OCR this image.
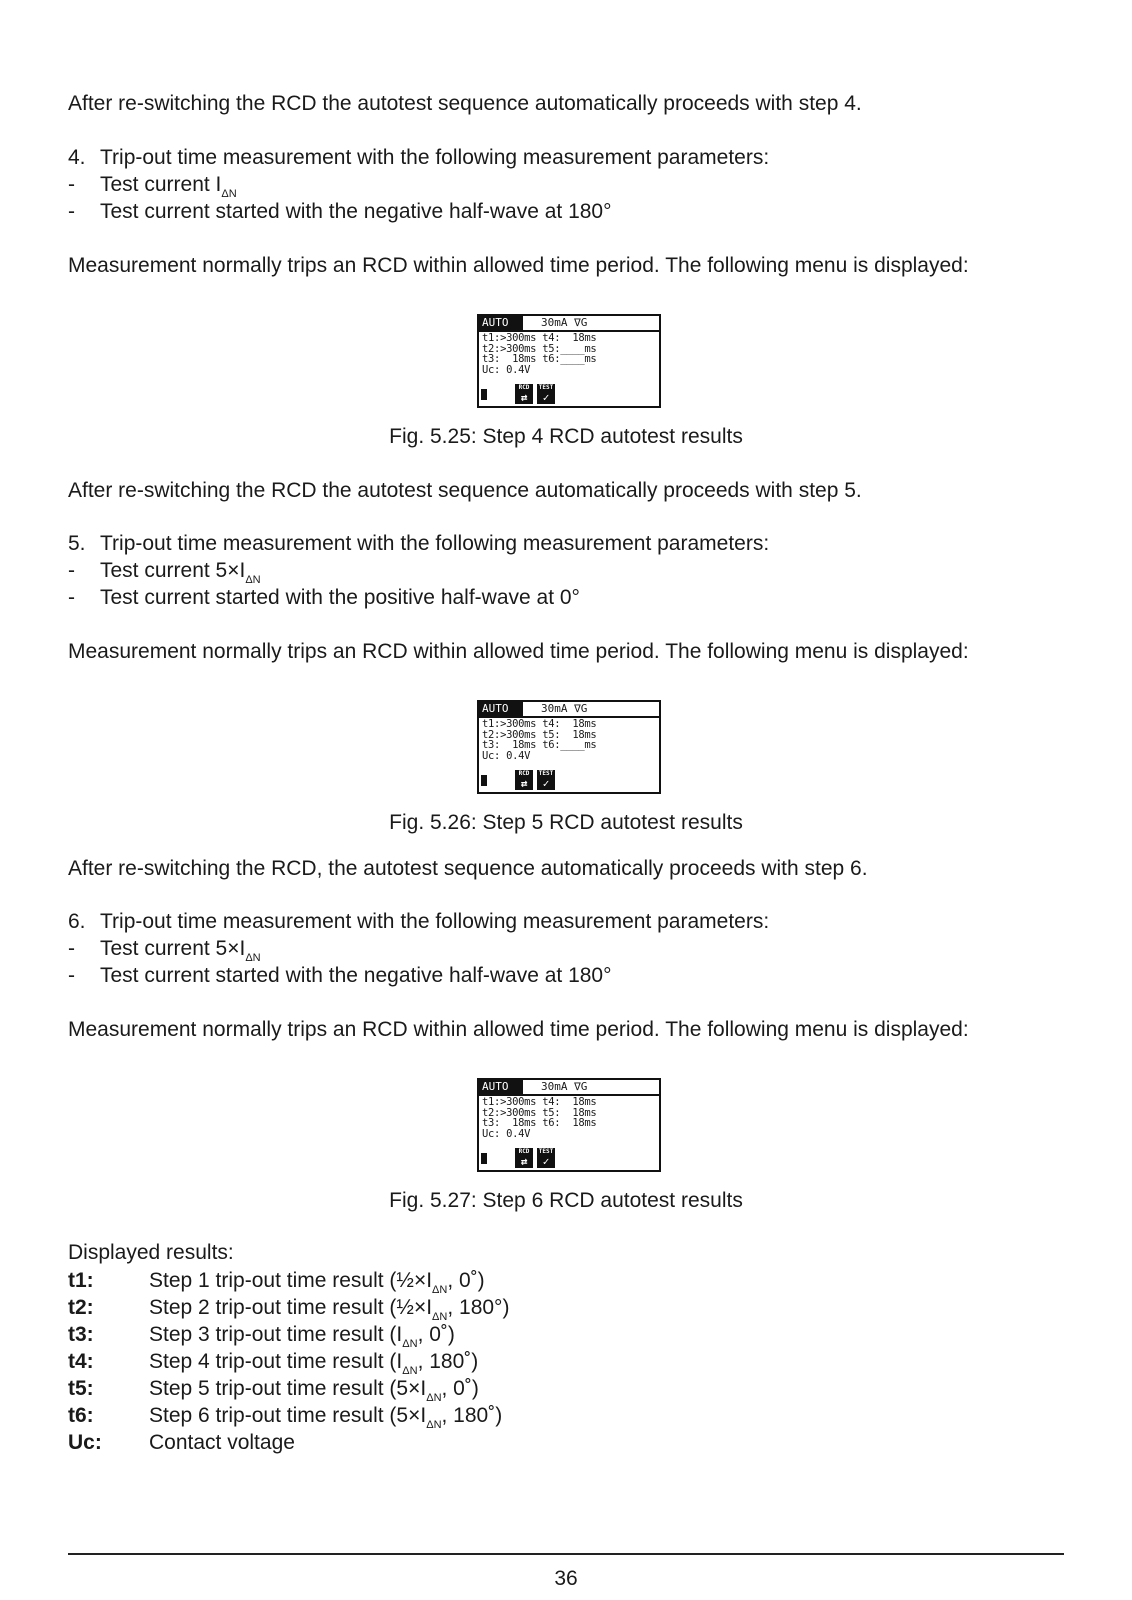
After re-switching the RCD the autotest sequence automatically proceeds with step 4.
4. Trip-out time measurement with the following measurement parameters:
- Test current $I_{\Delta N}$
- Test current started with the negative half-wave at 180°
Measurement normally trips an RCD within allowed time period. The following menu is displayed:
AUTO	30mA ∇G
t1:>300ms t4:  18ms
t2:>300ms t5:____ms
t3:  18ms t6:____ms
Uc: 0.4V
RCD
⇄
TEST
✓
Fig. 5.25: Step 4 RCD autotest results
After re-switching the RCD the autotest sequence automatically proceeds with step 5.
5. Trip-out time measurement with the following measurement parameters:
- Test current $5\times I_{\Delta N}$
- Test current started with the positive half-wave at 0°
Measurement normally trips an RCD within allowed time period. The following menu is displayed:
AUTO	30mA ∇G
t1:>300ms t4:  18ms
t2:>300ms t5:  18ms
t3:  18ms t6:____ms
Uc: 0.4V
RCD
⇄
TEST
✓
Fig. 5.26: Step 5 RCD autotest results
After re-switching the RCD, the autotest sequence automatically proceeds with step 6.
6. Trip-out time measurement with the following measurement parameters:
- Test current $5\times I_{\Delta N}$
- Test current started with the negative half-wave at 180°
Measurement normally trips an RCD within allowed time period. The following menu is displayed:
AUTO	30mA ∇G
t1:>300ms t4:  18ms
t2:>300ms t5:  18ms
t3:  18ms t6:  18ms
Uc: 0.4V
RCD
⇄
TEST
✓
Fig. 5.27: Step 6 RCD autotest results
Displayed results:
t1:	Step 1 trip-out time result ($\frac{1}{2}\times I_{\Delta N}$, 0˚)
t2:	Step 2 trip-out time result ($\frac{1}{2}\times I_{\Delta N}$, 180°)
t3:	Step 3 trip-out time result ($I_{\Delta N}$, 0˚)
t4:	Step 4 trip-out time result ($I_{\Delta N}$, 180˚)
t5:	Step 5 trip-out time result ($5\times I_{\Delta N}$, 0˚)
t6:	Step 6 trip-out time result ($5\times I_{\Delta N}$, 180˚)
Uc: Contact voltage
36
